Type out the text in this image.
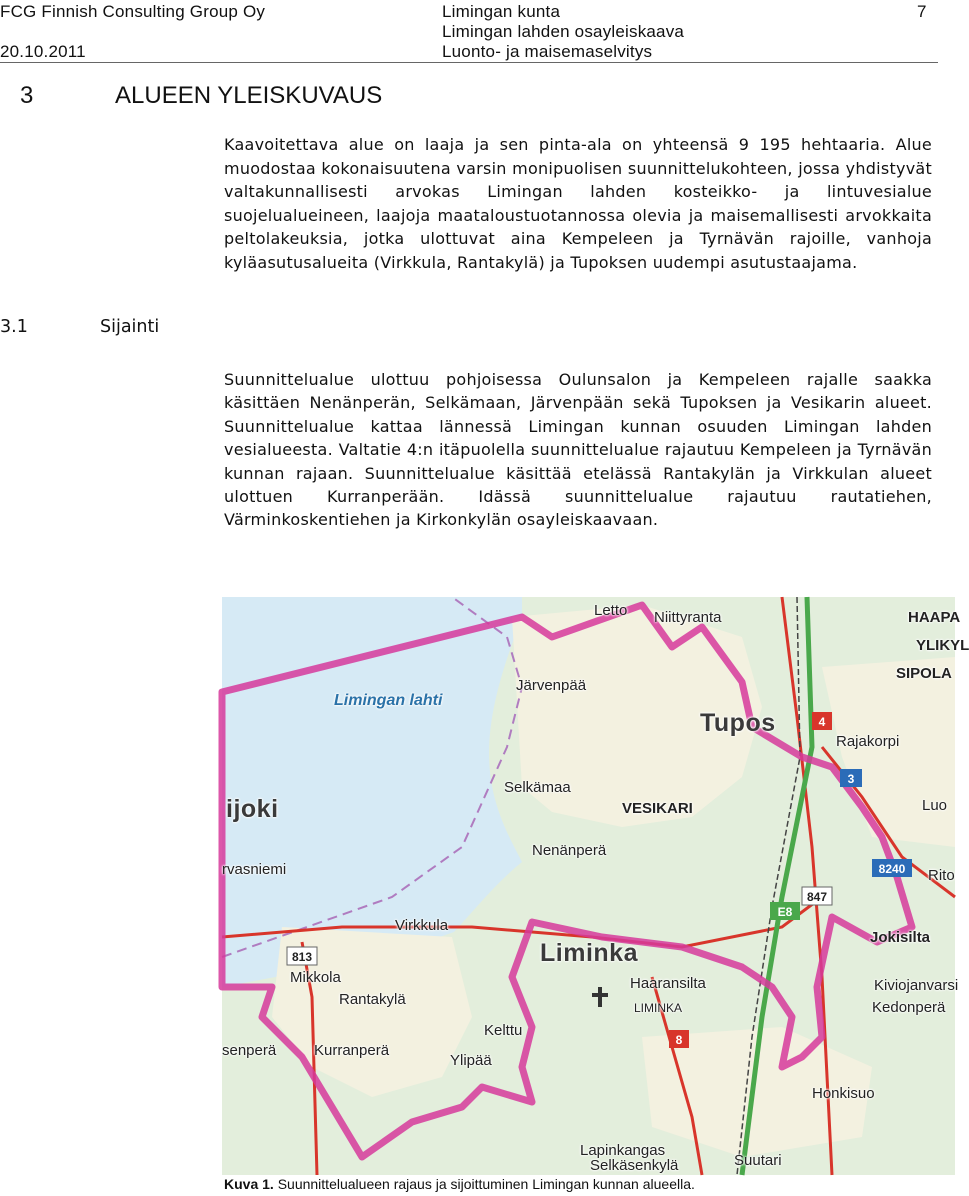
FCG Finnish Consulting Group Oy
20.10.2011
Limingan kunta
Limingan lahden osayleiskaava
Luonto- ja maisemaselvitys
7
3	ALUEEN YLEISKUVAUS

Kaavoitettava alue on laaja ja sen pinta-ala on yhteensä 9 195 hehtaaria. Alue muodostaa kokonaisuutena varsin monipuolisen suunnittelukohteen, jossa yhdistyvät valtakunnallisesti arvokas Limingan lahden kosteikko- ja lintuvesialue suojelualueineen, laajoja maataloustuotannossa olevia ja maisemallisesti arvokkaita peltolakeuksia, jotka ulottuvat aina Kempeleen ja Tyrnävän rajoille, vanhoja kyläasutusalueita (Virkkula, Rantakylä) ja Tupoksen uudempi asutustaajama.

3.1	Sijainti

Suunnittelualue ulottuu pohjoisessa Oulunsalon ja Kempeleen rajalle saakka käsittäen Nenänperän, Selkämaan, Järvenpään sekä Tupoksen ja Vesikarin alueet. Suunnittelualue kattaa lännessä Limingan kunnan osuuden Limingan lahden vesialueesta. Valtatie 4:n itäpuolella suunnittelualue rajautuu Kempeleen ja Tyrnävän kunnan rajaan. Suunnittelualue käsittää etelässä Rantakylän ja Virkkulan alueet ulottuen Kurranperään. Idässä suunnittelualue rajautuu rautatiehen, Värminkoskentiehen ja Kirkonkylän osayleiskaavaan.

4
3
8
8240
847
E8
813
Letto Niittyranta	HAAPA
YLIKYL
SIPOLA
Limingan lahti
Järvenpää
Tupos
Rajakorpi
Selkämaa
VESIKARI	Luo
ijoki
Nenänperä
rvasniemi	Rito
Virkkula
Liminka
Jokisilta
Mikkola	Haaransilta
LIMINKA
Kiviojanvarsi
Rantakylä	Kedonperä
Kelttu
senperä	Kurranperä
Ylipää
Honkisuo
Lapinkangas
Selkäsenkylä	Suutari
Kuva 1. Suunnittelualueen rajaus ja sijoittuminen Limingan kunnan alueella.
